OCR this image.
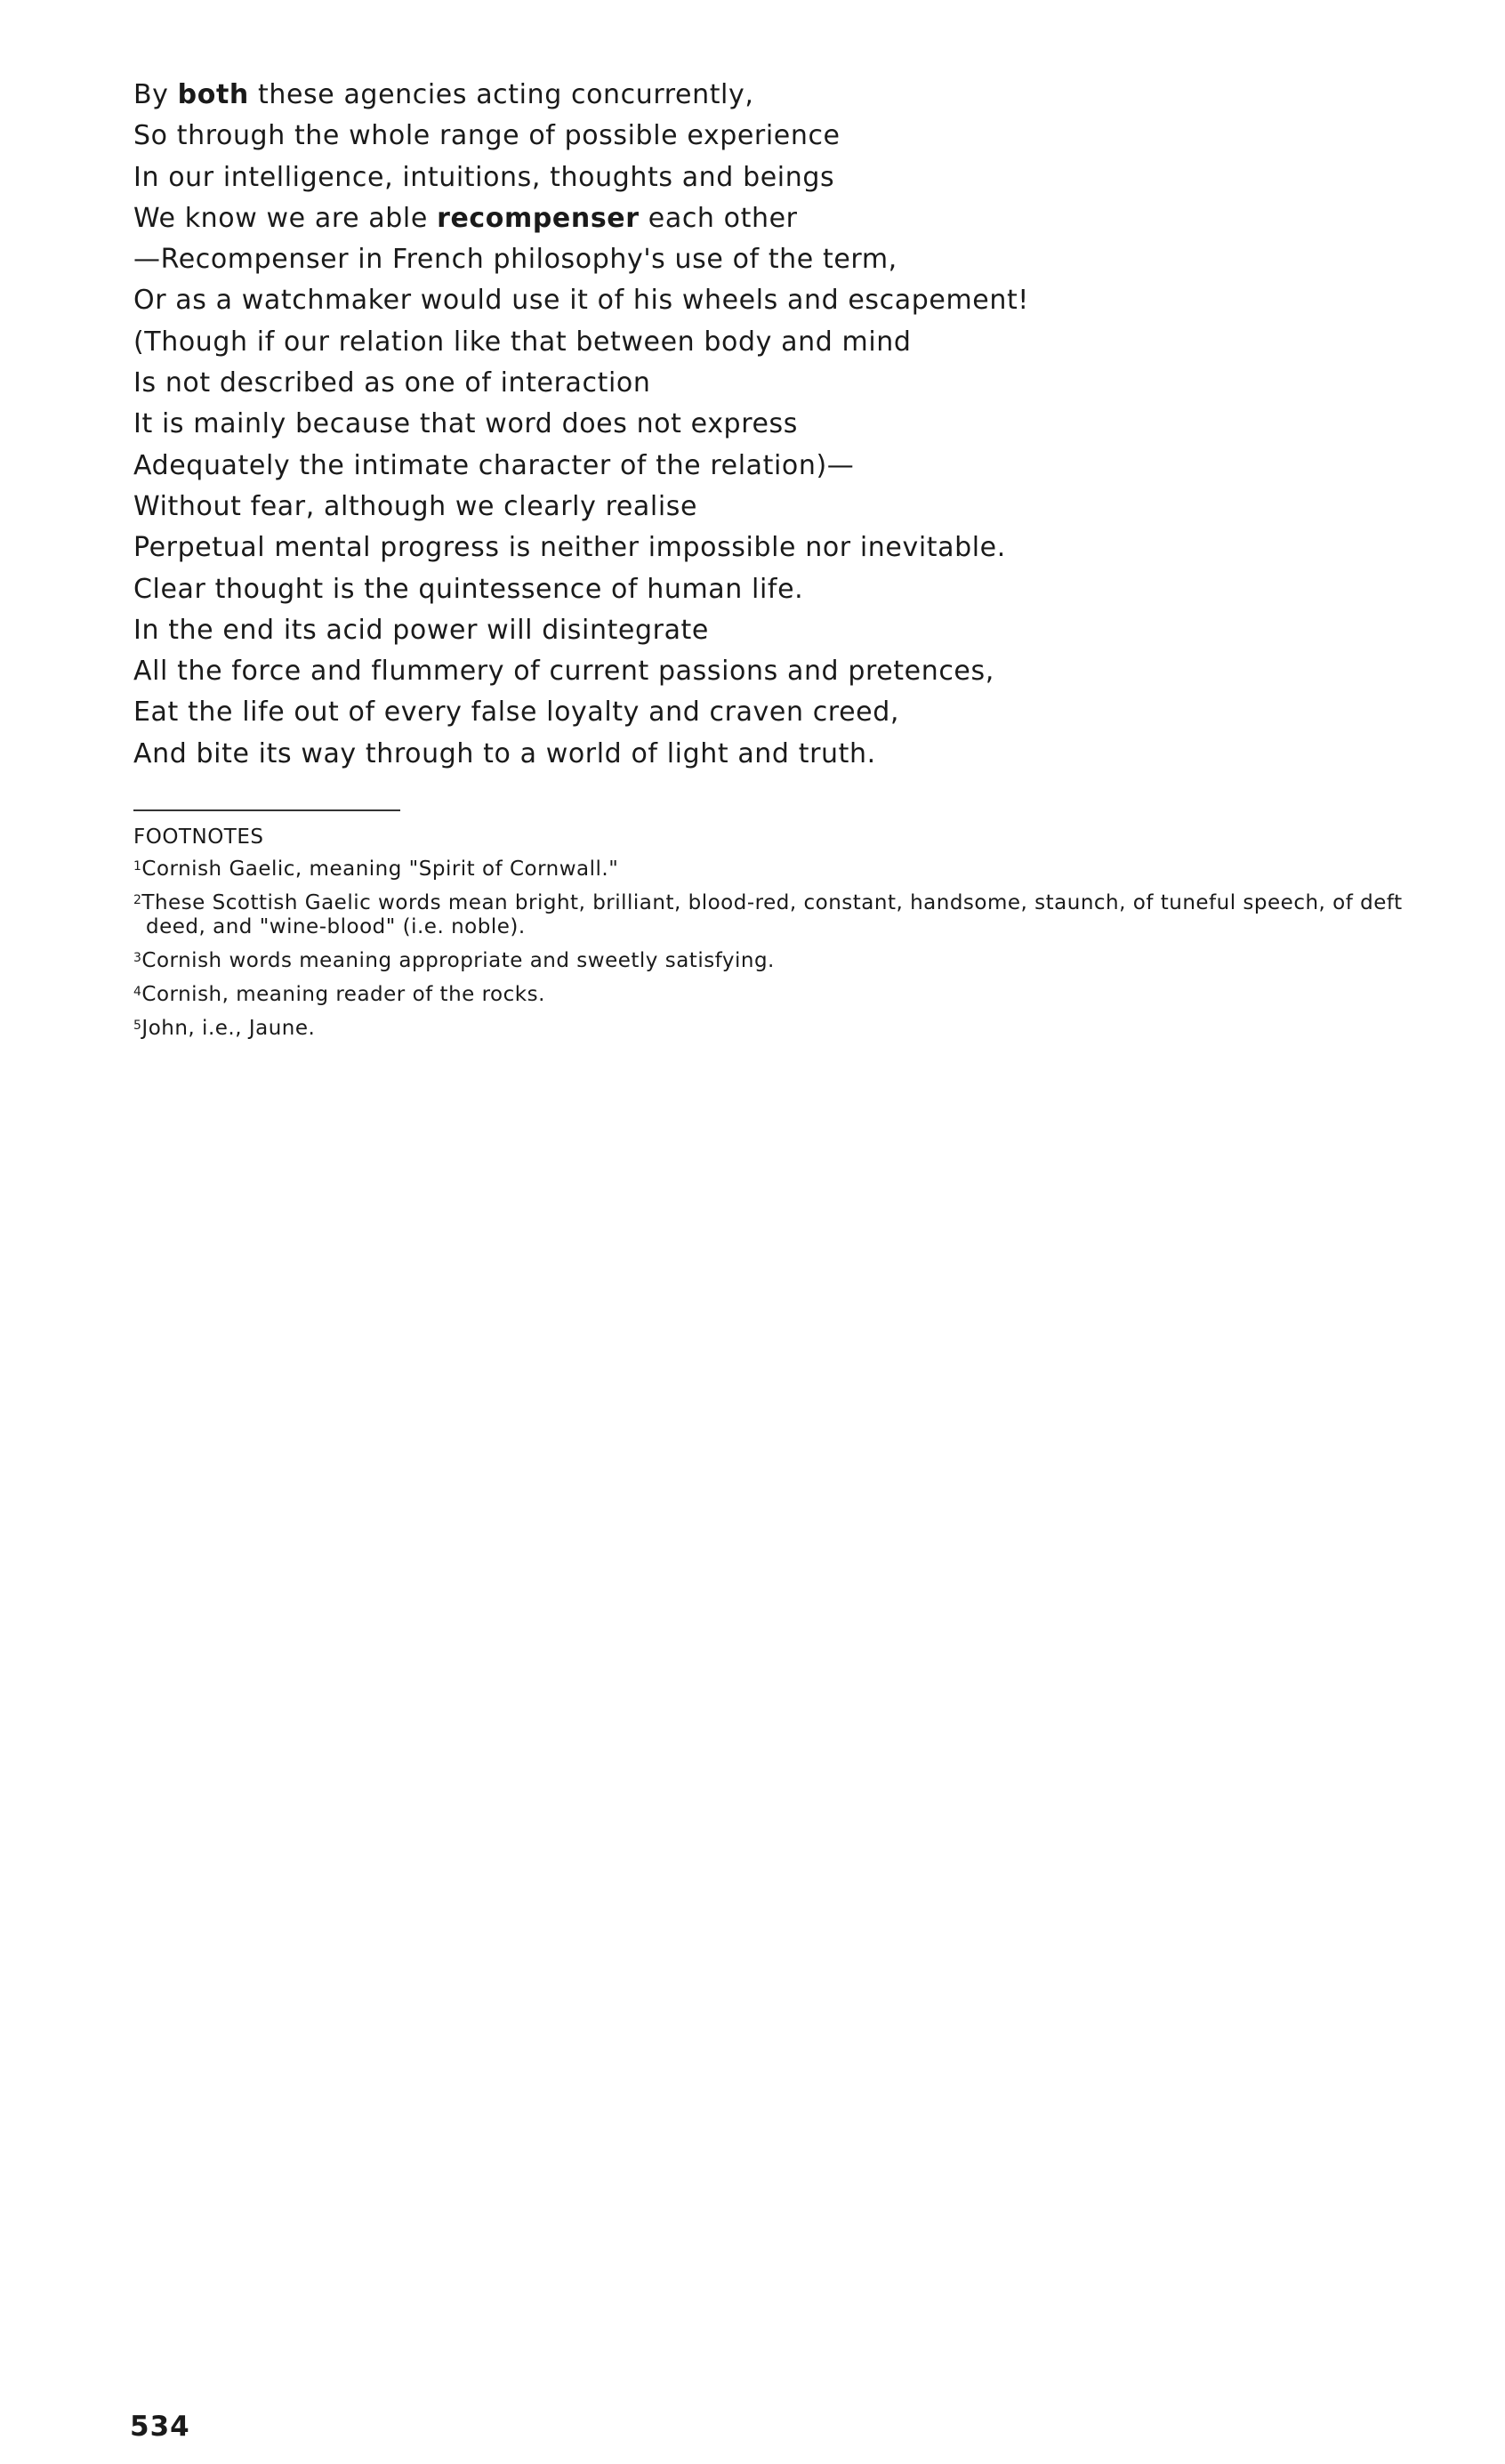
By both these agencies acting concurrently,
So through the whole range of possible experience
In our intelligence, intuitions, thoughts and beings
We know we are able recompenser each other
—Recompenser in French philosophy's use of the term,
Or as a watchmaker would use it of his wheels and escapement!
(Though if our relation like that between body and mind
Is not described as one of interaction
It is mainly because that word does not express
Adequately the intimate character of the relation)—
Without fear, although we clearly realise
Perpetual mental progress is neither impossible nor inevitable.
Clear thought is the quintessence of human life.
In the end its acid power will disintegrate
All the force and flummery of current passions and pretences,
Eat the life out of every false loyalty and craven creed,
And bite its way through to a world of light and truth.
FOOTNOTES
$^1$Cornish Gaelic, meaning "Spirit of Cornwall."
$^2$These Scottish Gaelic words mean bright, brilliant, blood-red, constant, handsome, staunch, of tuneful speech, of deft deed, and "wine-blood" (i.e. noble).
$^3$Cornish words meaning appropriate and sweetly satisfying.
$^4$Cornish, meaning reader of the rocks.
$^5$John, i.e., Jaune.
534
